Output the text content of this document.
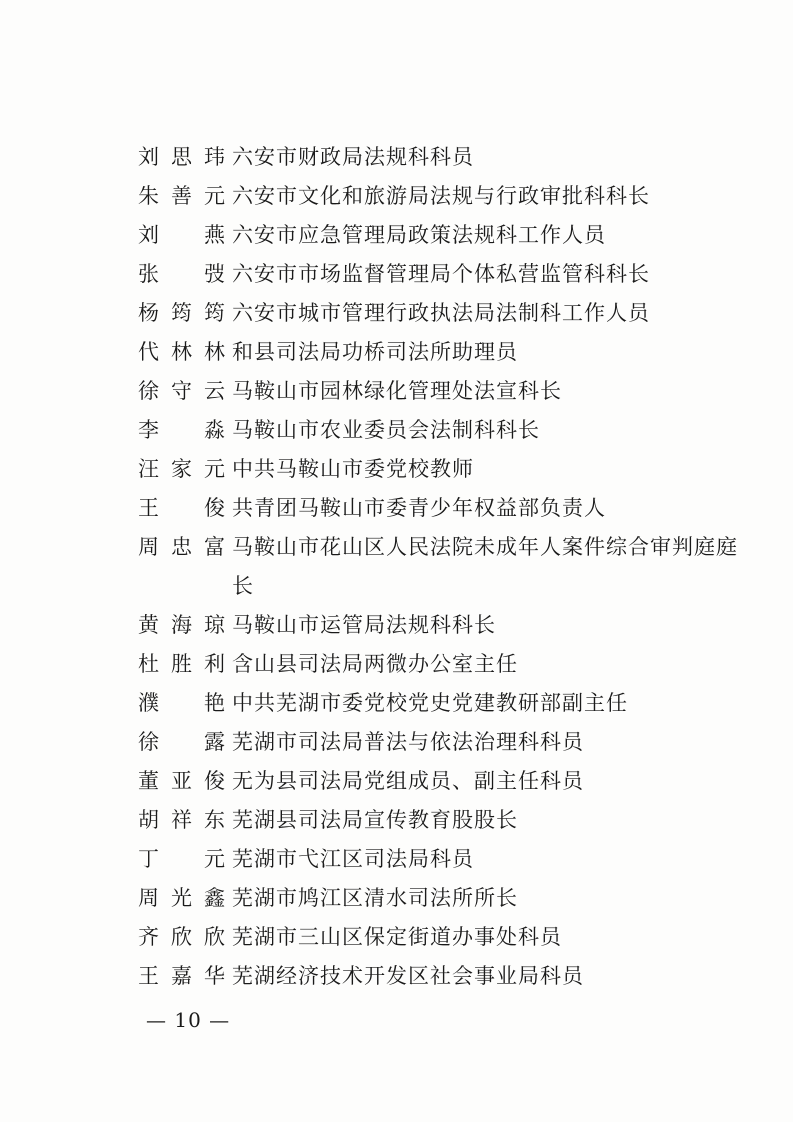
刘思玮 六安市财政局法规科科员
朱善元 六安市文化和旅游局法规与行政审批科科长
刘 燕 六安市应急管理局政策法规科工作人员
张 弢 六安市市场监督管理局个体私营监管科科长
杨筠筠 六安市城市管理行政执法局法制科工作人员
代林林 和县司法局功桥司法所助理员
徐守云 马鞍山市园林绿化管理处法宣科长
李 淼 马鞍山市农业委员会法制科科长
汪家元 中共马鞍山市委党校教师
王 俊 共青团马鞍山市委青少年权益部负责人
周忠富 马鞍山市花山区人民法院未成年人案件综合审判庭庭长
黄海琼 马鞍山市运管局法规科科长
杜胜利 含山县司法局两微办公室主任
濮 艳 中共芜湖市委党校党史党建教研部副主任
徐 露 芜湖市司法局普法与依法治理科科员
董亚俊 无为县司法局党组成员、副主任科员
胡祥东 芜湖县司法局宣传教育股股长
丁 元 芜湖市弋江区司法局科员
周光鑫 芜湖市鸠江区清水司法所所长
齐欣欣 芜湖市三山区保定街道办事处科员
王嘉华 芜湖经济技术开发区社会事业局科员
— 10 —
